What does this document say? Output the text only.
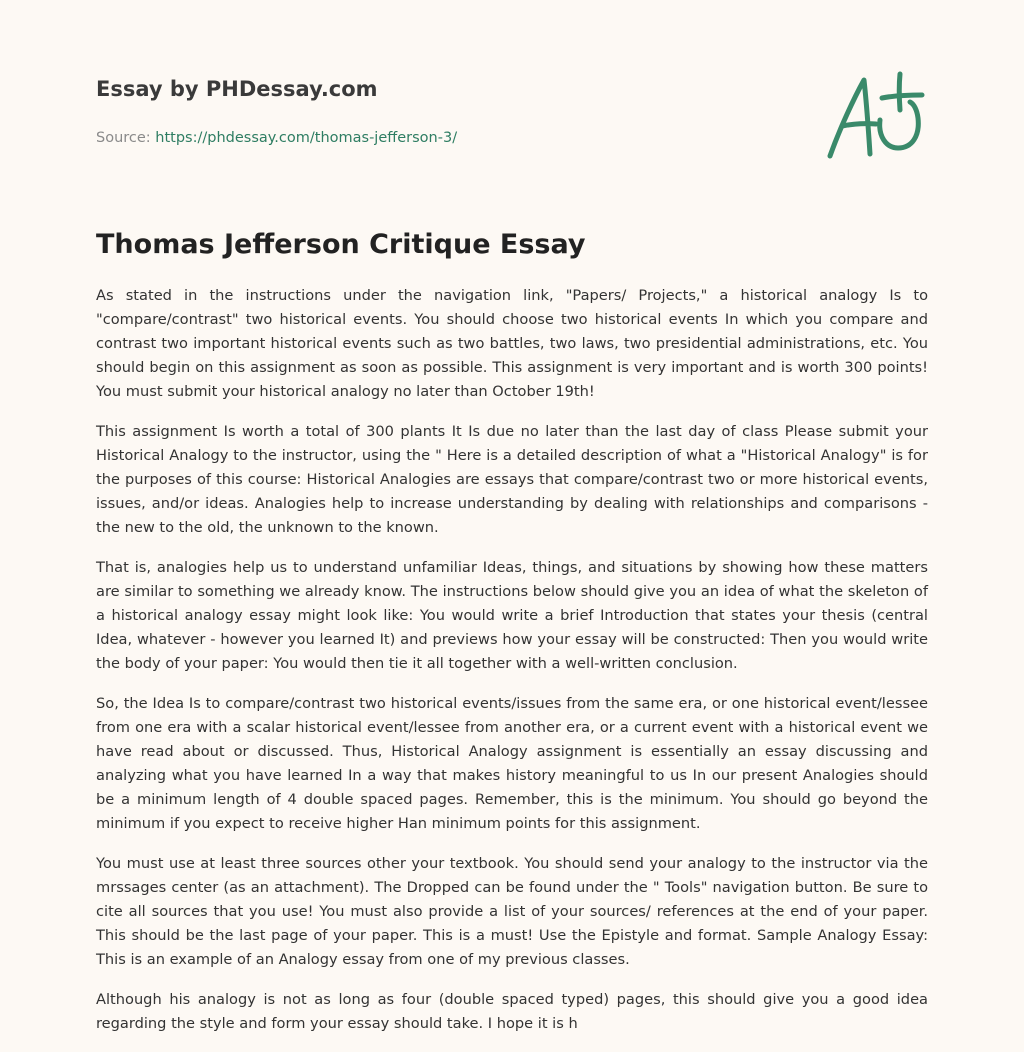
Essay by PHDessay.com
Source: https://phdessay.com/thomas-jefferson-3/
Thomas Jefferson Critique Essay

As stated in the instructions under the navigation link, "Papers/ Projects," a historical analogy Is to "compare/contrast" two historical events. You should choose two historical events In which you compare and contrast two important historical events such as two battles, two laws, two presidential administrations, etc. You should begin on this assignment as soon as possible. This assignment is very important and is worth 300 points! You must submit your historical analogy no later than October 19th!

This assignment Is worth a total of 300 plants It Is due no later than the last day of class Please submit your Historical Analogy to the instructor, using the " Here is a detailed description of what a "Historical Analogy" is for the purposes of this course: Historical Analogies are essays that compare/contrast two or more historical events, issues, and/or ideas. Analogies help to increase understanding by dealing with relationships and comparisons - the new to the old, the unknown to the known.

That is, analogies help us to understand unfamiliar Ideas, things, and situations by showing how these matters are similar to something we already know. The instructions below should give you an idea of what the skeleton of a historical analogy essay might look like: You would write a brief Introduction that states your thesis (central Idea, whatever - however you learned It) and previews how your essay will be constructed: Then you would write the body of your paper: You would then tie it all together with a well-written conclusion.

So, the Idea Is to compare/contrast two historical events/issues from the same era, or one historical event/lessee from one era with a scalar historical event/lessee from another era, or a current event with a historical event we have read about or discussed. Thus, Historical Analogy assignment is essentially an essay discussing and analyzing what you have learned In a way that makes history meaningful to us In our present Analogies should be a minimum length of 4 double spaced pages. Remember, this is the minimum. You should go beyond the minimum if you expect to receive higher Han minimum points for this assignment.

You must use at least three sources other your textbook. You should send your analogy to the instructor via the mrssages center (as an attachment). The Dropped can be found under the " Tools" navigation button. Be sure to cite all sources that you use! You must also provide a list of your sources/ references at the end of your paper. This should be the last page of your paper. This is a must! Use the Epistyle and format. Sample Analogy Essay: This is an example of an Analogy essay from one of my previous classes.

Although his analogy is not as long as four (double spaced typed) pages, this should give you a good idea regarding the style and form your essay should take. I hope it is h
